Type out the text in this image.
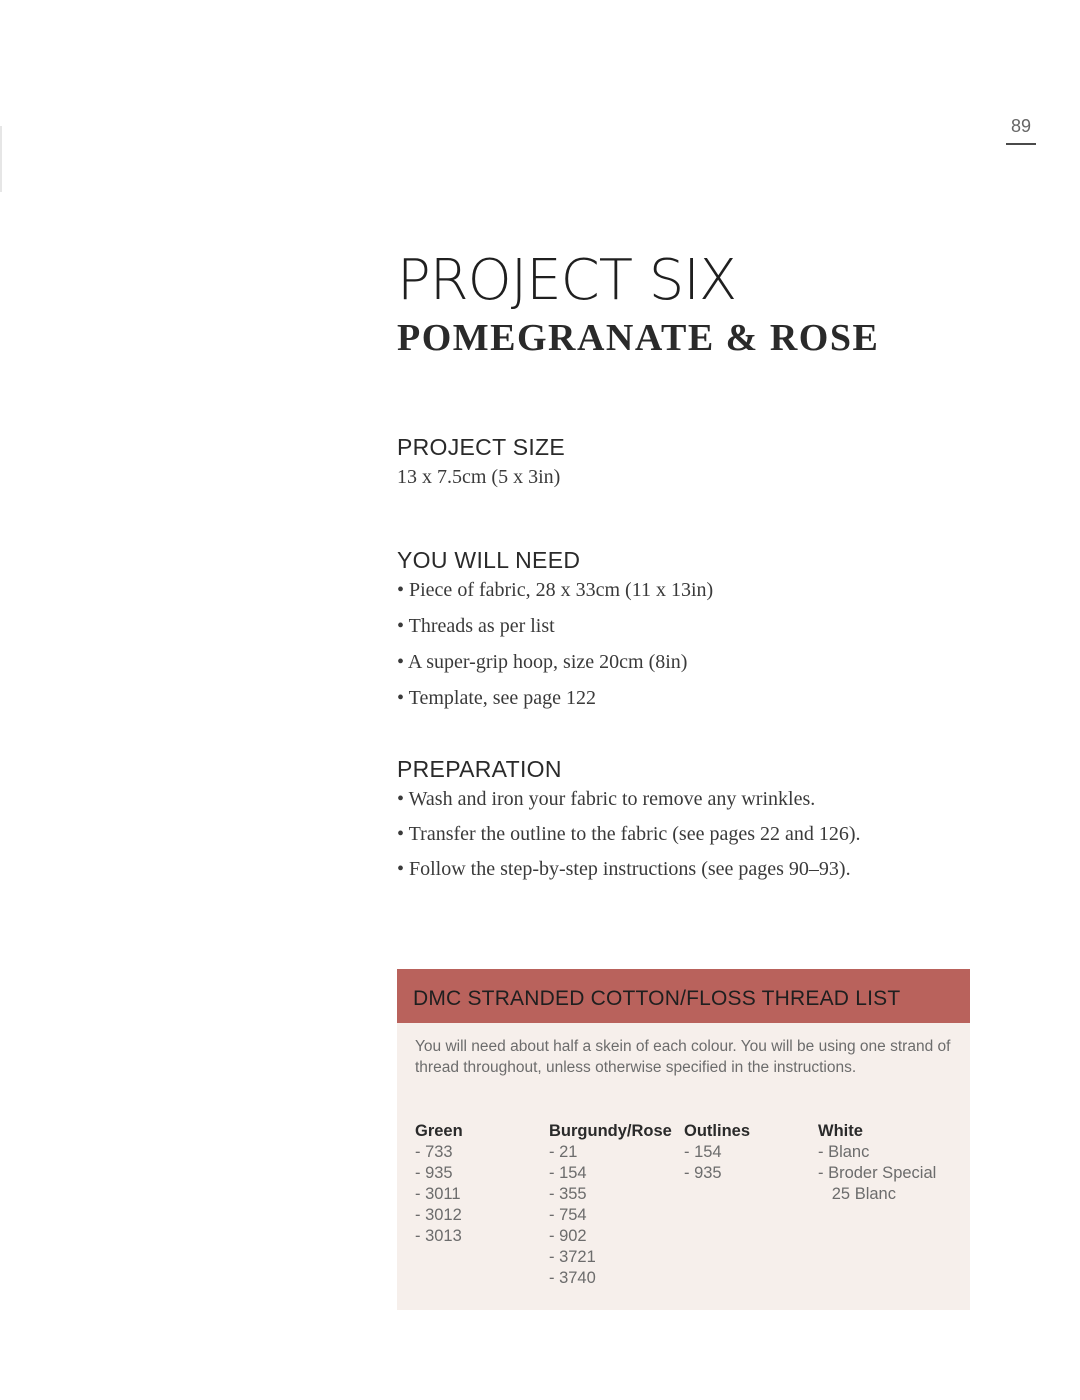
89
PROJECT SIX
POMEGRANATE & ROSE
PROJECT SIZE
13 x 7.5cm (5 x 3in)
YOU WILL NEED
• Piece of fabric, 28 x 33cm (11 x 13in)
• Threads as per list
• A super-grip hoop, size 20cm (8in)
• Template, see page 122
PREPARATION
• Wash and iron your fabric to remove any wrinkles.
• Transfer the outline to the fabric (see pages 22 and 126).
• Follow the step-by-step instructions (see pages 90–93).
DMC STRANDED COTTON/FLOSS THREAD LIST
You will need about half a skein of each colour. You will be using one strand of thread throughout, unless otherwise specified in the instructions.
Green
- 733
- 935
- 3011
- 3012
- 3013
Burgundy/Rose
- 21
- 154
- 355
- 754
- 902
- 3721
- 3740
Outlines
- 154
- 935
White
- Blanc
- Broder Special
25 Blanc
